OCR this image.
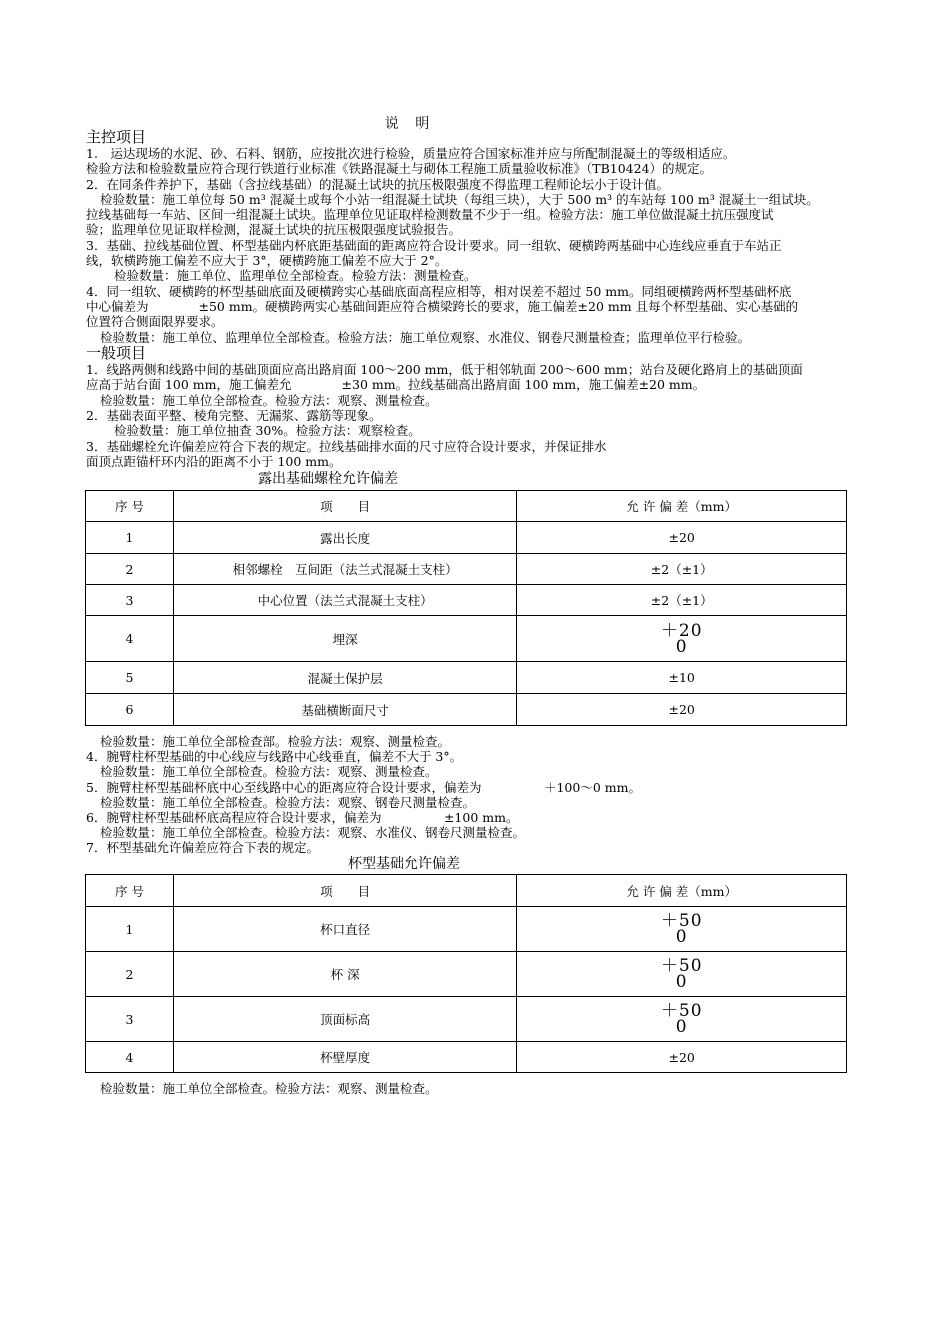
说 明
主控项目
1.　运达现场的水泥、砂、石料、钢筋，应按批次进行检验，质量应符合国家标准并应与所配制混凝土的等级相适应。
检验方法和检验数量应符合现行铁道行业标准《铁路混凝土与砌体工程施工质量验收标准》（TB10424）的规定。
2．在同条件养护下，基础（含拉线基础）的混凝土试块的抗压极限强度不得监理工程师论坛小于设计值。
检验数量：施工单位每 50 m³ 混凝土或每个小站一组混凝土试块（每组三块），大于 500 m³ 的车站每 100 m³ 混凝土一组试块。
拉线基础每一车站、区间一组混凝土试块。监理单位见证取样检测数量不少于一组。检验方法：施工单位做混凝土抗压强度试
验；监理单位见证取样检测，混凝土试块的抗压极限强度试验报告。
3．基础、拉线基础位置、杯型基础内杯底距基础面的距离应符合设计要求。同一组软、硬横跨两基础中心连线应垂直于车站正
线，软横跨施工偏差不应大于 3°，硬横跨施工偏差不应大于 2°。
检验数量：施工单位、监理单位全部检查。检验方法：测量检查。
4．同一组软、硬横跨的杯型基础底面及硬横跨实心基础底面高程应相等，相对误差不超过 50 mm。同组硬横跨两杯型基础杯底
中心偏差为　　　　±50 mm。硬横跨两实心基础间距应符合横梁跨长的要求，施工偏差±20 mm 且每个杯型基础、实心基础的
位置符合侧面限界要求。
检验数量：施工单位、监理单位全部检查。检验方法：施工单位观察、水准仪、钢卷尺测量检查；监理单位平行检验。
一般项目
1．线路两侧和线路中间的基础顶面应高出路肩面 100～200 mm，低于相邻轨面 200～600 mm；站台及硬化路肩上的基础顶面
应高于站台面 100 mm，施工偏差允　　　　±30 mm。拉线基础高出路肩面 100 mm，施工偏差±20 mm。
检验数量：施工单位全部检查。检验方法：观察、测量检查。
2．基础表面平整、棱角完整、无漏浆、露筋等现象。
检验数量：施工单位抽查 30%。检验方法：观察检查。
3．基础螺栓允许偏差应符合下表的规定。拉线基础排水面的尺寸应符合设计要求，并保证排水
面顶点距锚杆环内沿的距离不小于 100 mm。
露出基础螺栓允许偏差
序 号	项　　目	允 许 偏 差（mm）
1	露出长度	±20
2	相邻螺栓　互间距（法兰式混凝土支柱）	±2（±1）
3	中心位置（法兰式混凝土支柱）	±2（±1）
4	埋深	＋20
0

5	混凝土保护层	±10
6	基础横断面尺寸	±20
检验数量：施工单位全部检查部。检验方法：观察、测量检查。
4．腕臂柱杯型基础的中心线应与线路中心线垂直，偏差不大于 3°。
检验数量：施工单位全部检查。检验方法：观察、测量检查。
5．腕臂柱杯型基础杯底中心至线路中心的距离应符合设计要求，偏差为　　　　　＋100～0 mm。
检验数量：施工单位全部检查。检验方法：观察、钢卷尺测量检查。
6．腕臂柱杯型基础杯底高程应符合设计要求，偏差为　　　　　±100 mm。
检验数量：施工单位全部检查。检验方法：观察、水准仪、钢卷尺测量检查。
7．杯型基础允许偏差应符合下表的规定。
杯型基础允许偏差
序 号	项　　目	允 许 偏 差（mm）
1	杯口直径	＋50
0

2	杯 深	＋50
0

3	顶面标高	＋50
0

4	杯壁厚度	±20
检验数量：施工单位全部检查。检验方法：观察、测量检查。
